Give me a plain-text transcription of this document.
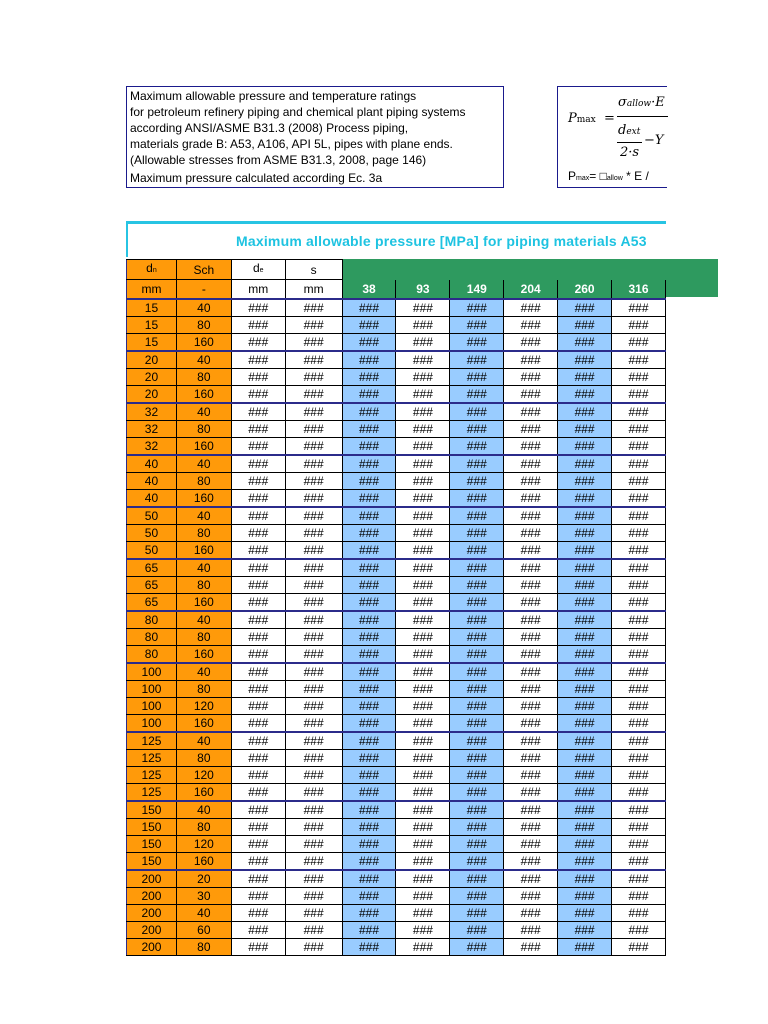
Maximum allowable pressure and temperature ratings
for petroleum refinery piping and chemical plant piping systems
according ANSI/ASME B31.3 (2008) Process piping,
materials grade B: A53, A106, API 5L, pipes with plane ends.
(Allowable stresses from ASME B31.3, 2008, page 146)
Maximum pressure calculated according Ec. 3a
Pmax =
σallow·E
dext
−Y
2·s
Pmax= □allow * E /
Maximum allowable pressure [MPa] for piping materials A53
dn	Sch	de	s						
mm	-	mm	mm	38	93	149	204	260	316
15	40	###	###	###	###	###	###	###	###
15	80	###	###	###	###	###	###	###	###
15	160	###	###	###	###	###	###	###	###
20	40	###	###	###	###	###	###	###	###
20	80	###	###	###	###	###	###	###	###
20	160	###	###	###	###	###	###	###	###
32	40	###	###	###	###	###	###	###	###
32	80	###	###	###	###	###	###	###	###
32	160	###	###	###	###	###	###	###	###
40	40	###	###	###	###	###	###	###	###
40	80	###	###	###	###	###	###	###	###
40	160	###	###	###	###	###	###	###	###
50	40	###	###	###	###	###	###	###	###
50	80	###	###	###	###	###	###	###	###
50	160	###	###	###	###	###	###	###	###
65	40	###	###	###	###	###	###	###	###
65	80	###	###	###	###	###	###	###	###
65	160	###	###	###	###	###	###	###	###
80	40	###	###	###	###	###	###	###	###
80	80	###	###	###	###	###	###	###	###
80	160	###	###	###	###	###	###	###	###
100	40	###	###	###	###	###	###	###	###
100	80	###	###	###	###	###	###	###	###
100	120	###	###	###	###	###	###	###	###
100	160	###	###	###	###	###	###	###	###
125	40	###	###	###	###	###	###	###	###
125	80	###	###	###	###	###	###	###	###
125	120	###	###	###	###	###	###	###	###
125	160	###	###	###	###	###	###	###	###
150	40	###	###	###	###	###	###	###	###
150	80	###	###	###	###	###	###	###	###
150	120	###	###	###	###	###	###	###	###
150	160	###	###	###	###	###	###	###	###
200	20	###	###	###	###	###	###	###	###
200	30	###	###	###	###	###	###	###	###
200	40	###	###	###	###	###	###	###	###
200	60	###	###	###	###	###	###	###	###
200	80	###	###	###	###	###	###	###	###
